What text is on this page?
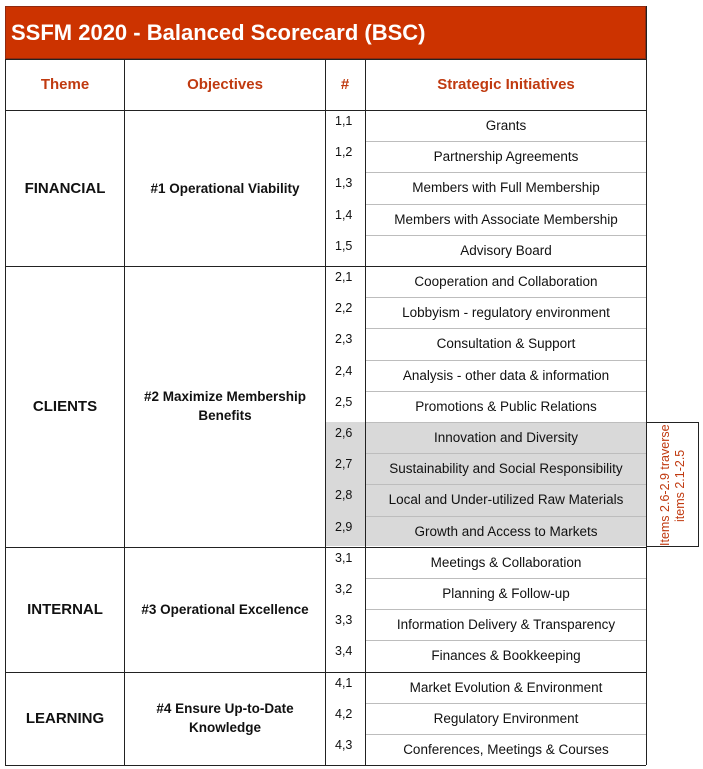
SSFM 2020 - Balanced Scorecard (BSC)
Items 2.6-2.9 traverse items 2.1-2.5
Theme	Objectives	#	Strategic Initiatives
FINANCIAL	#1 Operational Viability
1,1	Grants
1,2	Partnership Agreements
1,3	Members with Full Membership
1,4	Members with Associate Membership
1,5	Advisory Board
CLIENTS
#2 Maximize Membership Benefits
2,1	Cooperation and Collaboration
2,2	Lobbyism - regulatory environment
2,3	Consultation & Support
2,4	Analysis - other data & information
2,5	Promotions & Public Relations
2,6	Innovation and Diversity
2,7	Sustainability and Social Responsibility
2,8	Local and Under-utilized Raw Materials
2,9	Growth and Access to Markets
INTERNAL	#3 Operational Excellence
3,1	Meetings & Collaboration
3,2	Planning & Follow-up
3,3	Information Delivery & Transparency
3,4	Finances & Bookkeeping
LEARNING
#4 Ensure Up-to-Date Knowledge
4,1	Market Evolution & Environment
4,2	Regulatory Environment
4,3	Conferences, Meetings & Courses
